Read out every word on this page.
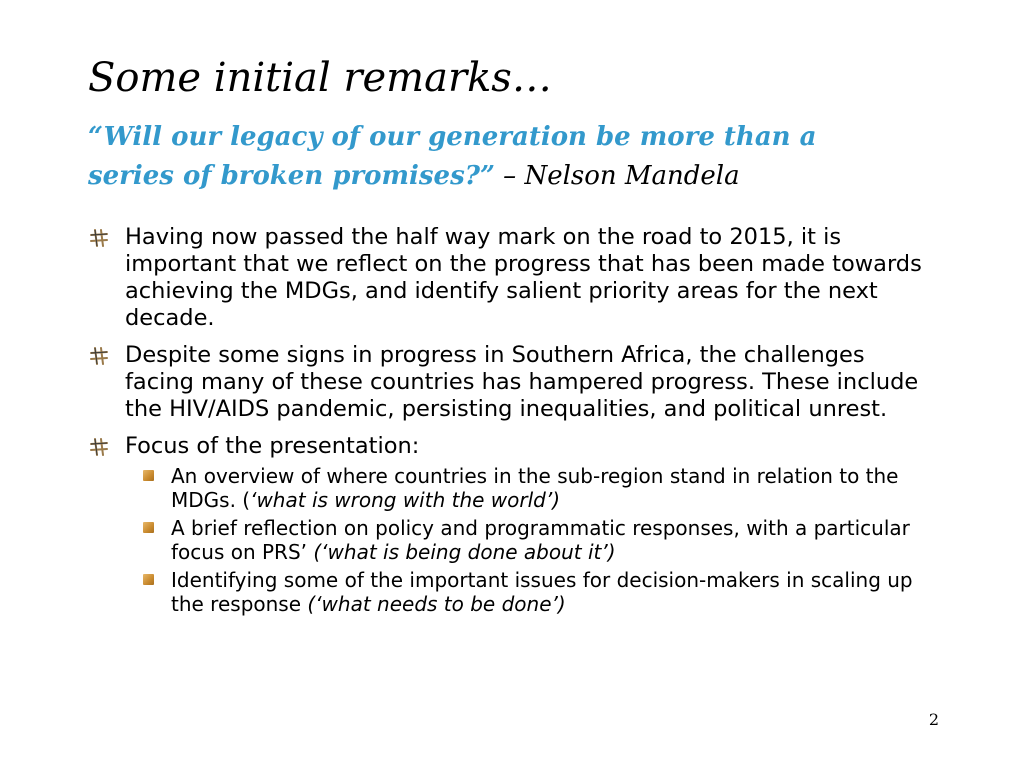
Some initial remarks…

“Will our legacy of our generation be more than a
series of broken promises?” – Nelson Mandela

Having now passed the half way mark on the road to 2015, it is important that we reflect on the progress that has been made towards achieving the MDGs, and identify salient priority areas for the next decade.
Despite some signs in progress in Southern Africa, the challenges facing many of these countries has hampered progress. These include the HIV/AIDS pandemic, persisting inequalities, and political unrest.
Focus of the presentation:
An overview of where countries in the sub-region stand in relation to the MDGs. (‘what is wrong with the world’)
A brief reflection on policy and programmatic responses, with a particular focus on PRS’ (‘what is being done about it’)
Identifying some of the important issues for decision-makers in scaling up the response (‘what needs to be done’)
2
